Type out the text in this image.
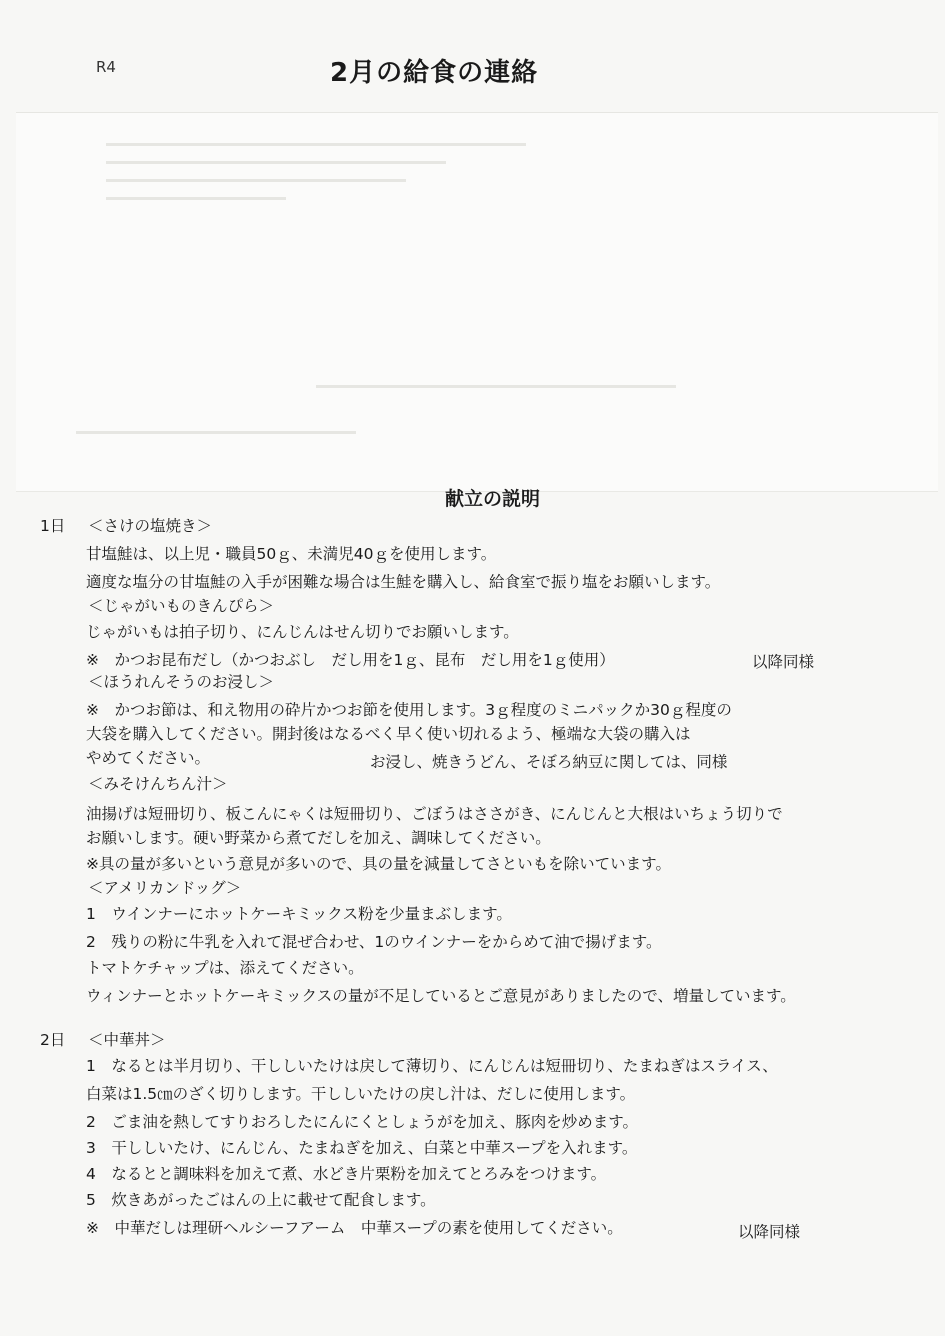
R4	2月の給食の連絡
献立の説明
1日 ＜さけの塩焼き＞
甘塩鮭は、以上児・職員50ｇ、未満児40ｇを使用します。
適度な塩分の甘塩鮭の入手が困難な場合は生鮭を購入し、給食室で振り塩をお願いします。
＜じゃがいものきんぴら＞
じゃがいもは拍子切り、にんじんはせん切りでお願いします。
※　かつお昆布だし（かつおぶし　だし用を1ｇ、昆布　だし用を1ｇ使用）	以降同様
＜ほうれんそうのお浸し＞
※　かつお節は、和え物用の砕片かつお節を使用します。3ｇ程度のミニパックか30ｇ程度の
大袋を購入してください。開封後はなるべく早く使い切れるよう、極端な大袋の購入は
やめてください。	お浸し、焼きうどん、そぼろ納豆に関しては、同様
＜みそけんちん汁＞
油揚げは短冊切り、板こんにゃくは短冊切り、ごぼうはささがき、にんじんと大根はいちょう切りで
お願いします。硬い野菜から煮てだしを加え、調味してください。
※具の量が多いという意見が多いので、具の量を減量してさといもを除いています。
＜アメリカンドッグ＞
1　ウインナーにホットケーキミックス粉を少量まぶします。
2　残りの粉に牛乳を入れて混ぜ合わせ、1のウインナーをからめて油で揚げます。
トマトケチャップは、添えてください。
ウィンナーとホットケーキミックスの量が不足しているとご意見がありましたので、増量しています。
2日 ＜中華丼＞
1　なるとは半月切り、干ししいたけは戻して薄切り、にんじんは短冊切り、たまねぎはスライス、
白菜は1.5㎝のざく切りします。干ししいたけの戻し汁は、だしに使用します。
2　ごま油を熱してすりおろしたにんにくとしょうがを加え、豚肉を炒めます。
3　干ししいたけ、にんじん、たまねぎを加え、白菜と中華スープを入れます。
4　なるとと調味料を加えて煮、水どき片栗粉を加えてとろみをつけます。
5　炊きあがったごはんの上に載せて配食します。
※　中華だしは理研ヘルシーフアーム　中華スープの素を使用してください。	以降同様
